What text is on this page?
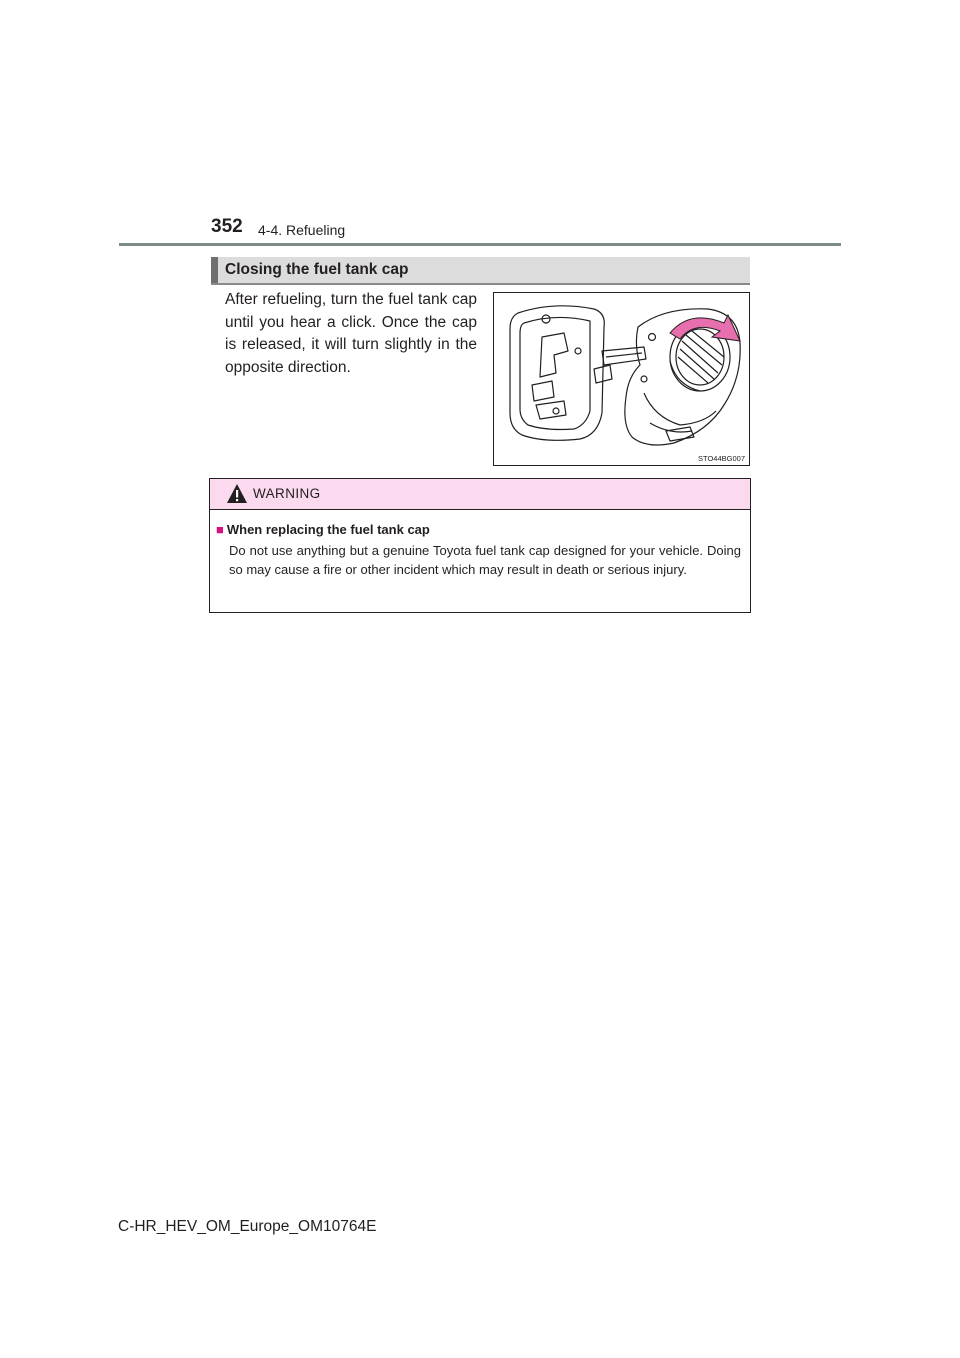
352 4-4. Refueling
Closing the fuel tank cap
After refueling, turn the fuel tank cap until you hear a click. Once the cap is released, it will turn slightly in the opposite direction.
STO44BG007
WARNING
■ When replacing the fuel tank cap
Do not use anything but a genuine Toyota fuel tank cap designed for your vehicle. Doing so may cause a fire or other incident which may result in death or serious injury.
C-HR_HEV_OM_Europe_OM10764E
